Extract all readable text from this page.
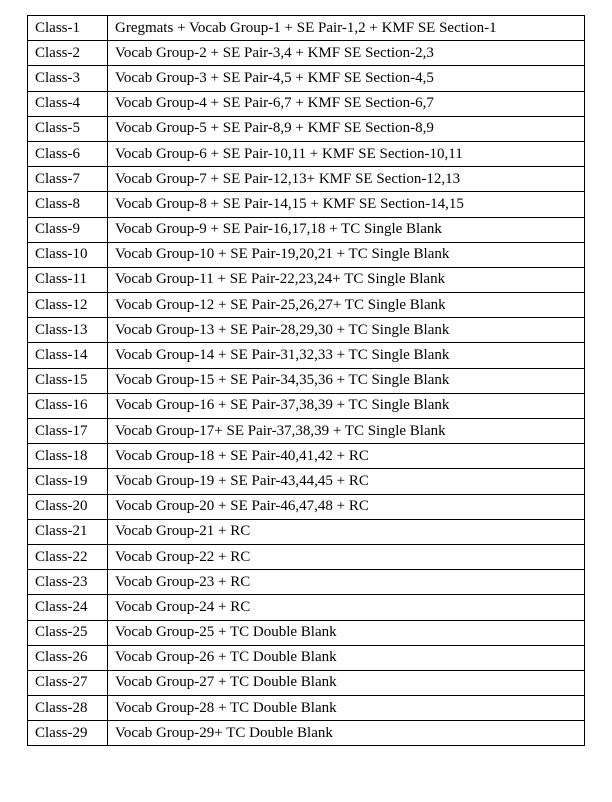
Class-1	Gregmats + Vocab Group-1 + SE Pair-1,2 + KMF SE Section-1
Class-2	Vocab Group-2 + SE Pair-3,4 + KMF SE Section-2,3
Class-3	Vocab Group-3 + SE Pair-4,5 + KMF SE Section-4,5
Class-4	Vocab Group-4 + SE Pair-6,7 + KMF SE Section-6,7
Class-5	Vocab Group-5 + SE Pair-8,9 + KMF SE Section-8,9
Class-6	Vocab Group-6 + SE Pair-10,11 + KMF SE Section-10,11
Class-7	Vocab Group-7 + SE Pair-12,13+ KMF SE Section-12,13
Class-8	Vocab Group-8 + SE Pair-14,15 + KMF SE Section-14,15
Class-9	Vocab Group-9 + SE Pair-16,17,18 + TC Single Blank
Class-10	Vocab Group-10 + SE Pair-19,20,21 + TC Single Blank
Class-11	Vocab Group-11 + SE Pair-22,23,24+ TC Single Blank
Class-12	Vocab Group-12 + SE Pair-25,26,27+ TC Single Blank
Class-13	Vocab Group-13 + SE Pair-28,29,30 + TC Single Blank
Class-14	Vocab Group-14 + SE Pair-31,32,33 + TC Single Blank
Class-15	Vocab Group-15 + SE Pair-34,35,36 + TC Single Blank
Class-16	Vocab Group-16 + SE Pair-37,38,39 + TC Single Blank
Class-17	Vocab Group-17+ SE Pair-37,38,39 + TC Single Blank
Class-18	Vocab Group-18 + SE Pair-40,41,42 + RC
Class-19	Vocab Group-19 + SE Pair-43,44,45 + RC
Class-20	Vocab Group-20 + SE Pair-46,47,48 + RC
Class-21	Vocab Group-21 + RC
Class-22	Vocab Group-22 + RC
Class-23	Vocab Group-23 + RC
Class-24	Vocab Group-24 + RC
Class-25	Vocab Group-25 + TC Double Blank
Class-26	Vocab Group-26 + TC Double Blank
Class-27	Vocab Group-27 + TC Double Blank
Class-28	Vocab Group-28 + TC Double Blank
Class-29	Vocab Group-29+ TC Double Blank
